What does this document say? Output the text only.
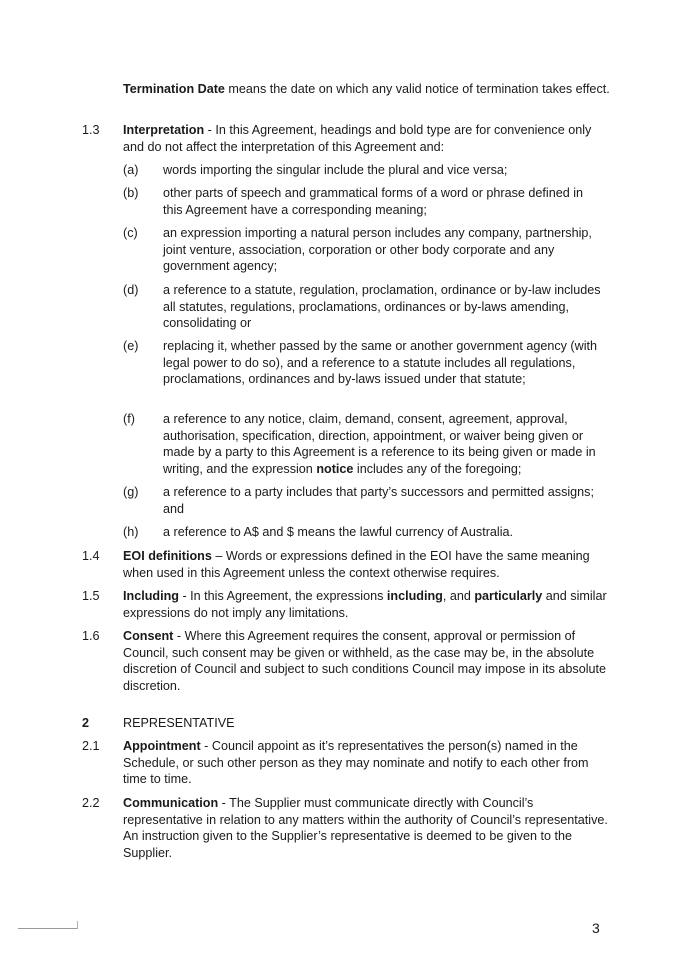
Termination Date means the date on which any valid notice of termination takes effect.
1.3 Interpretation - In this Agreement, headings and bold type are for convenience only and do not affect the interpretation of this Agreement and:
(a) words importing the singular include the plural and vice versa;
(b) other parts of speech and grammatical forms of a word or phrase defined in this Agreement have a corresponding meaning;
(c) an expression importing a natural person includes any company, partnership, joint venture, association, corporation or other body corporate and any government agency;
(d) a reference to a statute, regulation, proclamation, ordinance or by-law includes all statutes, regulations, proclamations, ordinances or by-laws amending, consolidating or
(e) replacing it, whether passed by the same or another government agency (with legal power to do so), and a reference to a statute includes all regulations, proclamations, ordinances and by-laws issued under that statute;
(f) a reference to any notice, claim, demand, consent, agreement, approval, authorisation, specification, direction, appointment, or waiver being given or made by a party to this Agreement is a reference to its being given or made in writing, and the expression notice includes any of the foregoing;
(g) a reference to a party includes that party’s successors and permitted assigns; and
(h) a reference to A$ and $ means the lawful currency of Australia.
1.4 EOI definitions – Words or expressions defined in the EOI have the same meaning when used in this Agreement unless the context otherwise requires.
1.5 Including - In this Agreement, the expressions including, and particularly and similar expressions do not imply any limitations.
1.6 Consent - Where this Agreement requires the consent, approval or permission of Council, such consent may be given or withheld, as the case may be, in the absolute discretion of Council and subject to such conditions Council may impose in its absolute discretion.
2	REPRESENTATIVE
2.1 Appointment - Council appoint as it’s representatives the person(s) named in the Schedule, or such other person as they may nominate and notify to each other from time to time.
2.2 Communication - The Supplier must communicate directly with Council’s representative in relation to any matters within the authority of Council’s representative. An instruction given to the Supplier’s representative is deemed to be given to the Supplier.
3
